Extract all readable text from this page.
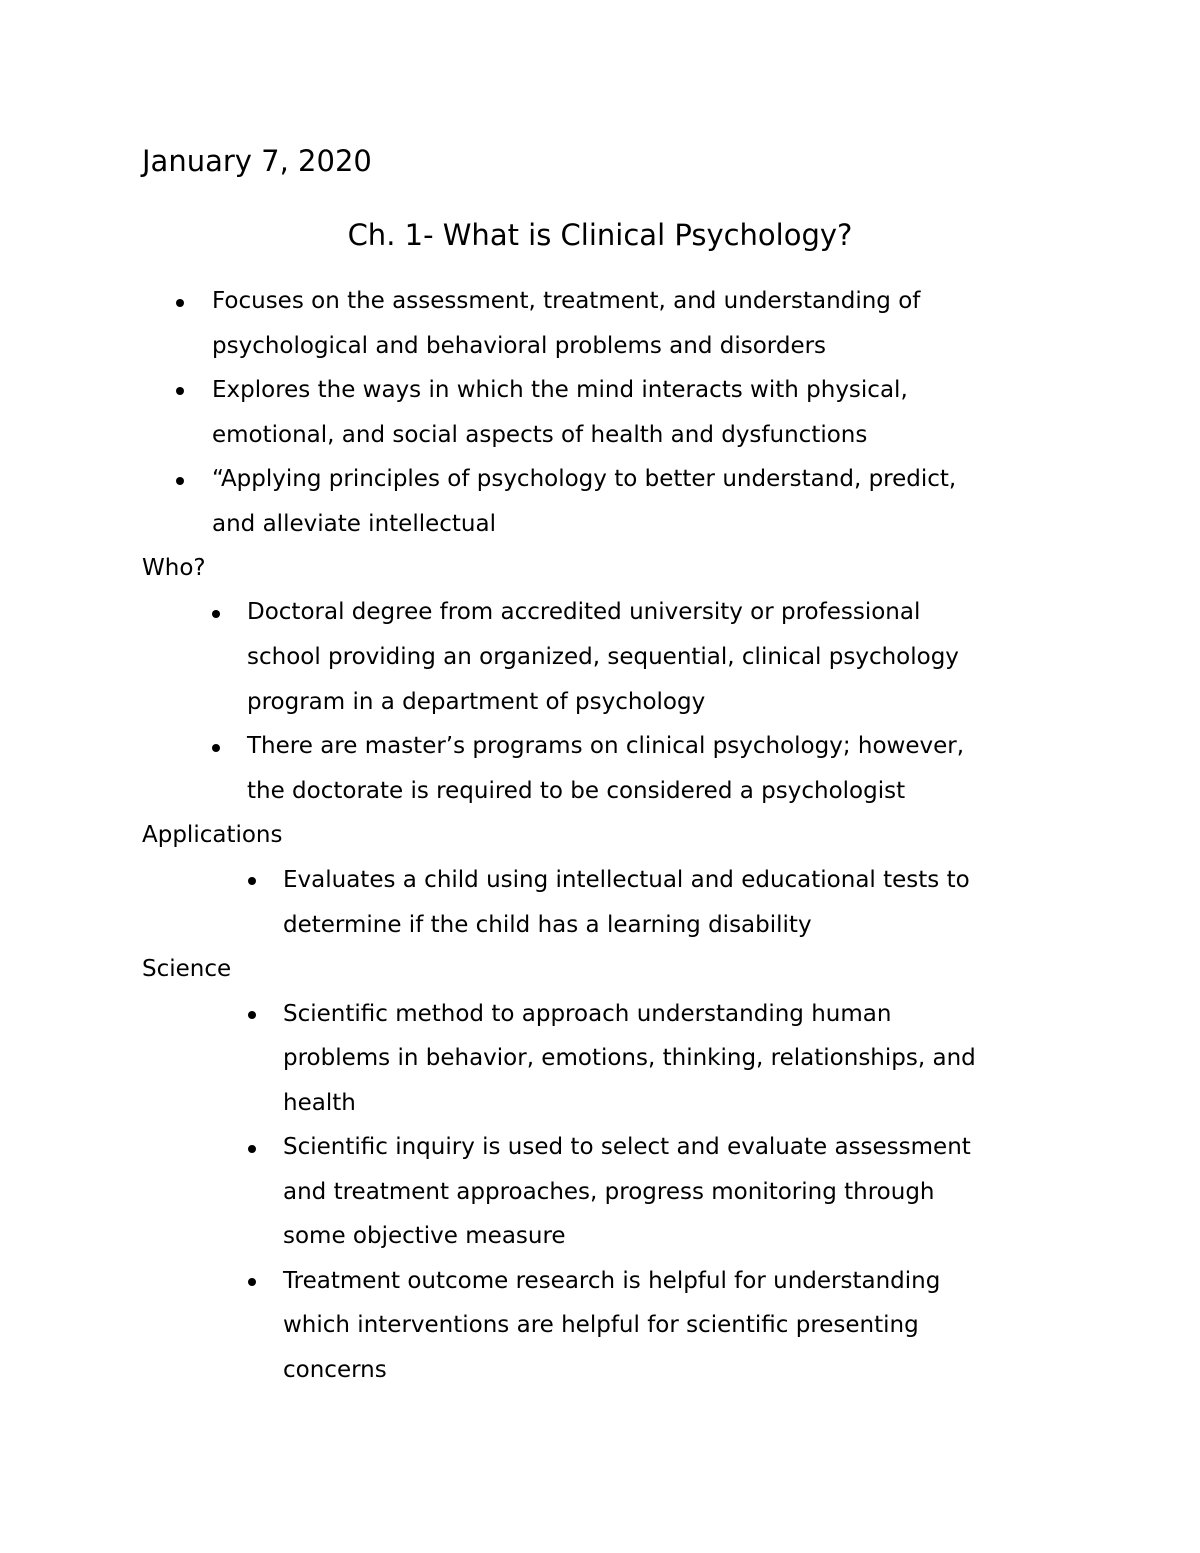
January 7, 2020
Ch. 1- What is Clinical Psychology?
Focuses on the assessment, treatment, and understanding of
psychological and behavioral problems and disorders
Explores the ways in which the mind interacts with physical,
emotional, and social aspects of health and dysfunctions
“Applying principles of psychology to better understand, predict,
and alleviate intellectual
Who?
Doctoral degree from accredited university or professional
school providing an organized, sequential, clinical psychology
program in a department of psychology
There are master’s programs on clinical psychology; however,
the doctorate is required to be considered a psychologist
Applications
Evaluates a child using intellectual and educational tests to
determine if the child has a learning disability
Science
Scientific method to approach understanding human
problems in behavior, emotions, thinking, relationships, and
health
Scientific inquiry is used to select and evaluate assessment
and treatment approaches, progress monitoring through
some objective measure
Treatment outcome research is helpful for understanding
which interventions are helpful for scientific presenting
concerns
